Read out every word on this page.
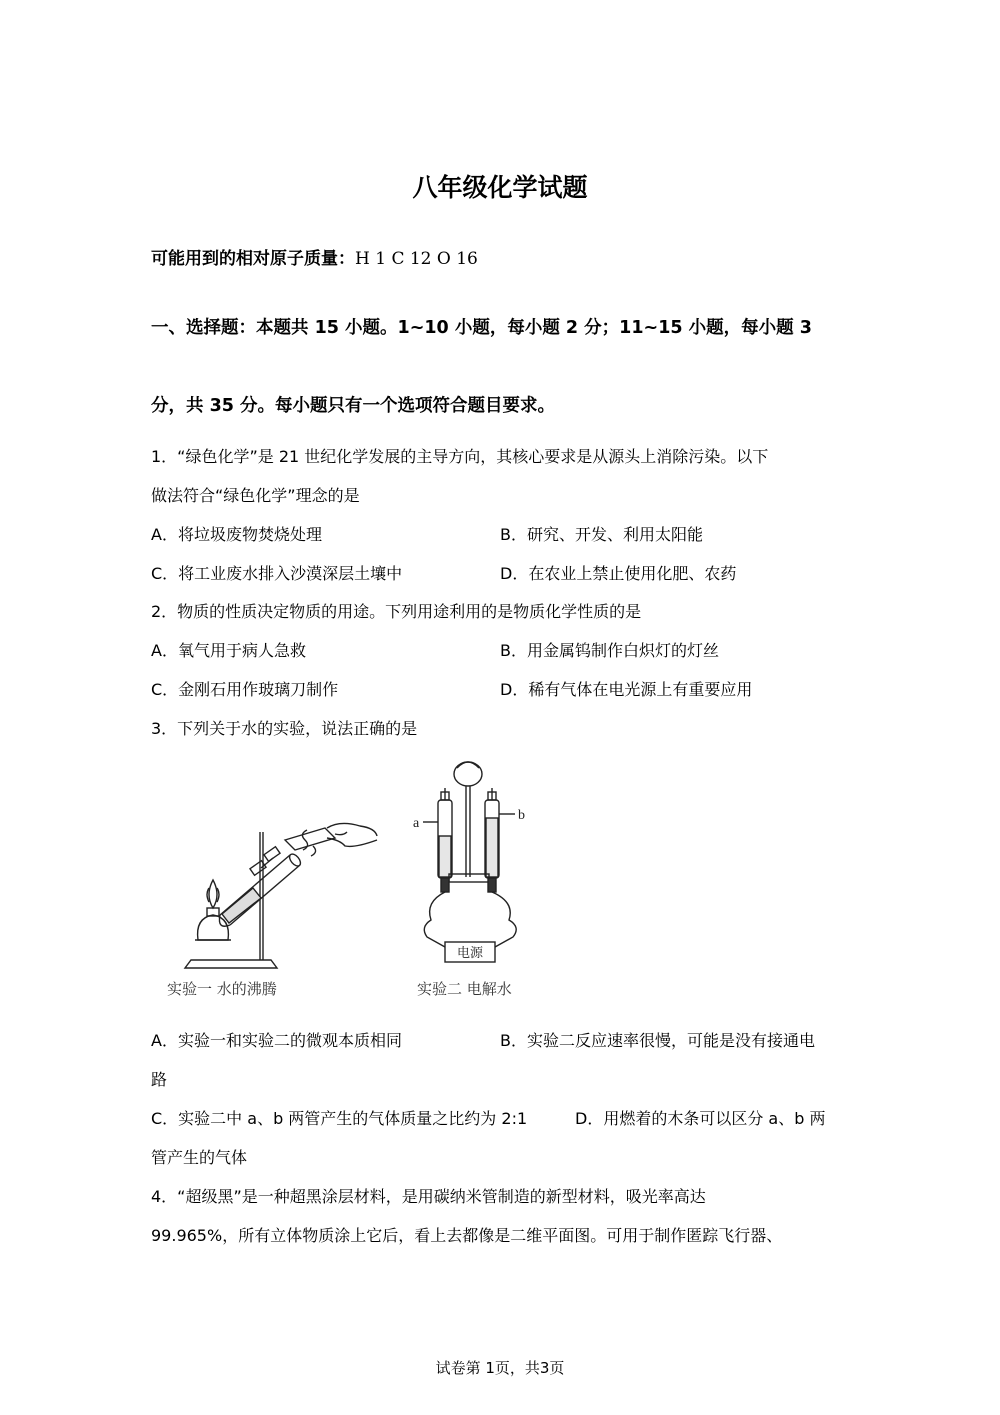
八年级化学试题
可能用到的相对原子质量：H 1 C 12 O 16
一、选择题：本题共 15 小题。1~10 小题，每小题 2 分；11~15 小题，每小题 3
分，共 35 分。每小题只有一个选项符合题目要求。
1．“绿色化学”是 21 世纪化学发展的主导方向，其核心要求是从源头上消除污染。以下
做法符合“绿色化学”理念的是
A．将垃圾废物焚烧处理	B．研究、开发、利用太阳能
C．将工业废水排入沙漠深层土壤中	D．在农业上禁止使用化肥、农药
2．物质的性质决定物质的用途。下列用途利用的是物质化学性质的是
A．氧气用于病人急救	B．用金属钨制作白炽灯的灯丝
C．金刚石用作玻璃刀制作	D．稀有气体在电光源上有重要应用
3．下列关于水的实验，说法正确的是
a
b
电源
实验一 水的沸腾	实验二 电解水
A．实验一和实验二的微观本质相同	B．实验二反应速率很慢，可能是没有接通电
路
C．实验二中 a、b 两管产生的气体质量之比约为 2:1	D．用燃着的木条可以区分 a、b 两
管产生的气体
4．“超级黑”是一种超黑涂层材料，是用碳纳米管制造的新型材料，吸光率高达
99.965%，所有立体物质涂上它后，看上去都像是二维平面图。可用于制作匿踪飞行器、
试卷第 1页，共3页
